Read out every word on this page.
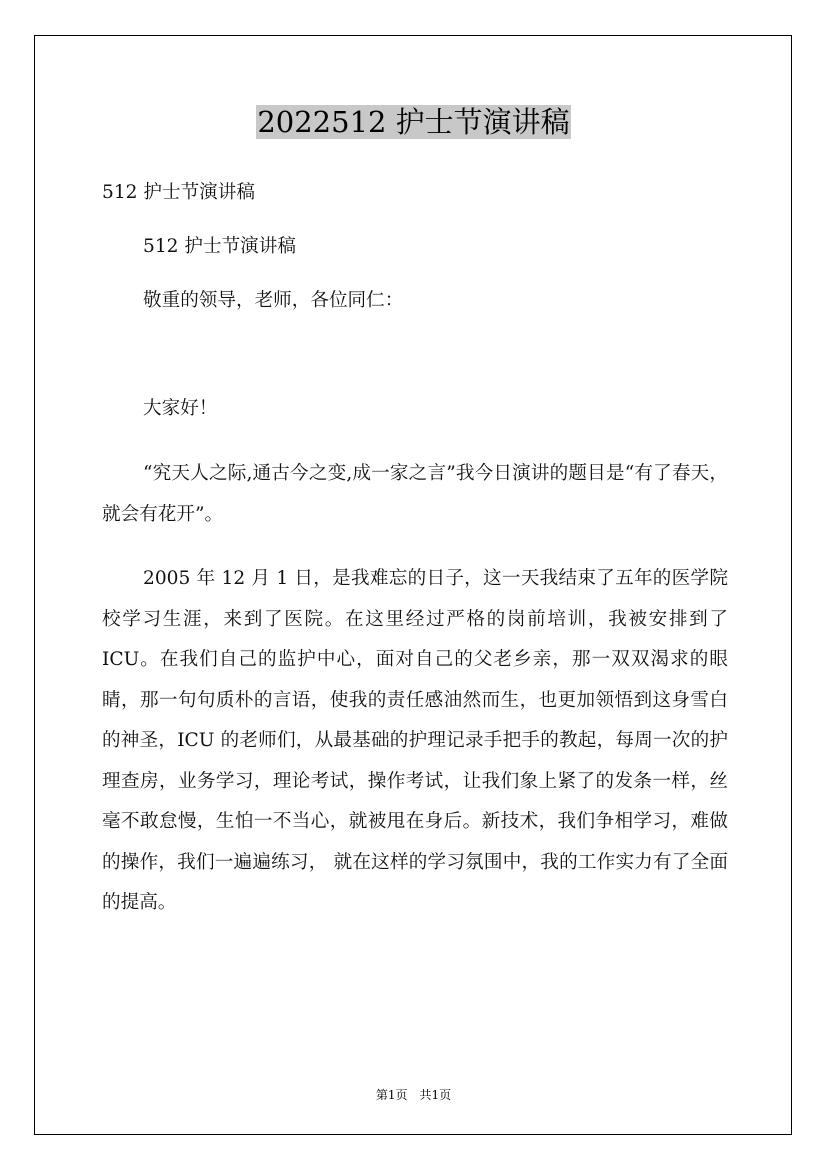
2022512 护士节演讲稿
512 护士节演讲稿
512 护士节演讲稿
敬重的领导，老师，各位同仁：
大家好！

“究天人之际,通古今之变,成一家之言”我今日演讲的题目是“有了春天，就会有花开”。

2005 年 12 月 1 日，是我难忘的日子，这一天我结束了五年的医学院校学习生涯，来到了医院。在这里经过严格的岗前培训，我被安排到了 ICU。在我们自己的监护中心，面对自己的父老乡亲，那一双双渴求的眼睛，那一句句质朴的言语，使我的责任感油然而生，也更加领悟到这身雪白的神圣，ICU 的老师们，从最基础的护理记录手把手的教起，每周一次的护理查房，业务学习，理论考试，操作考试，让我们象上紧了的发条一样，丝毫不敢怠慢，生怕一不当心，就被甩在身后。新技术，我们争相学习，难做的操作，我们一遍遍练习， 就在这样的学习氛围中，我的工作实力有了全面的提高。

第1页 共1页
